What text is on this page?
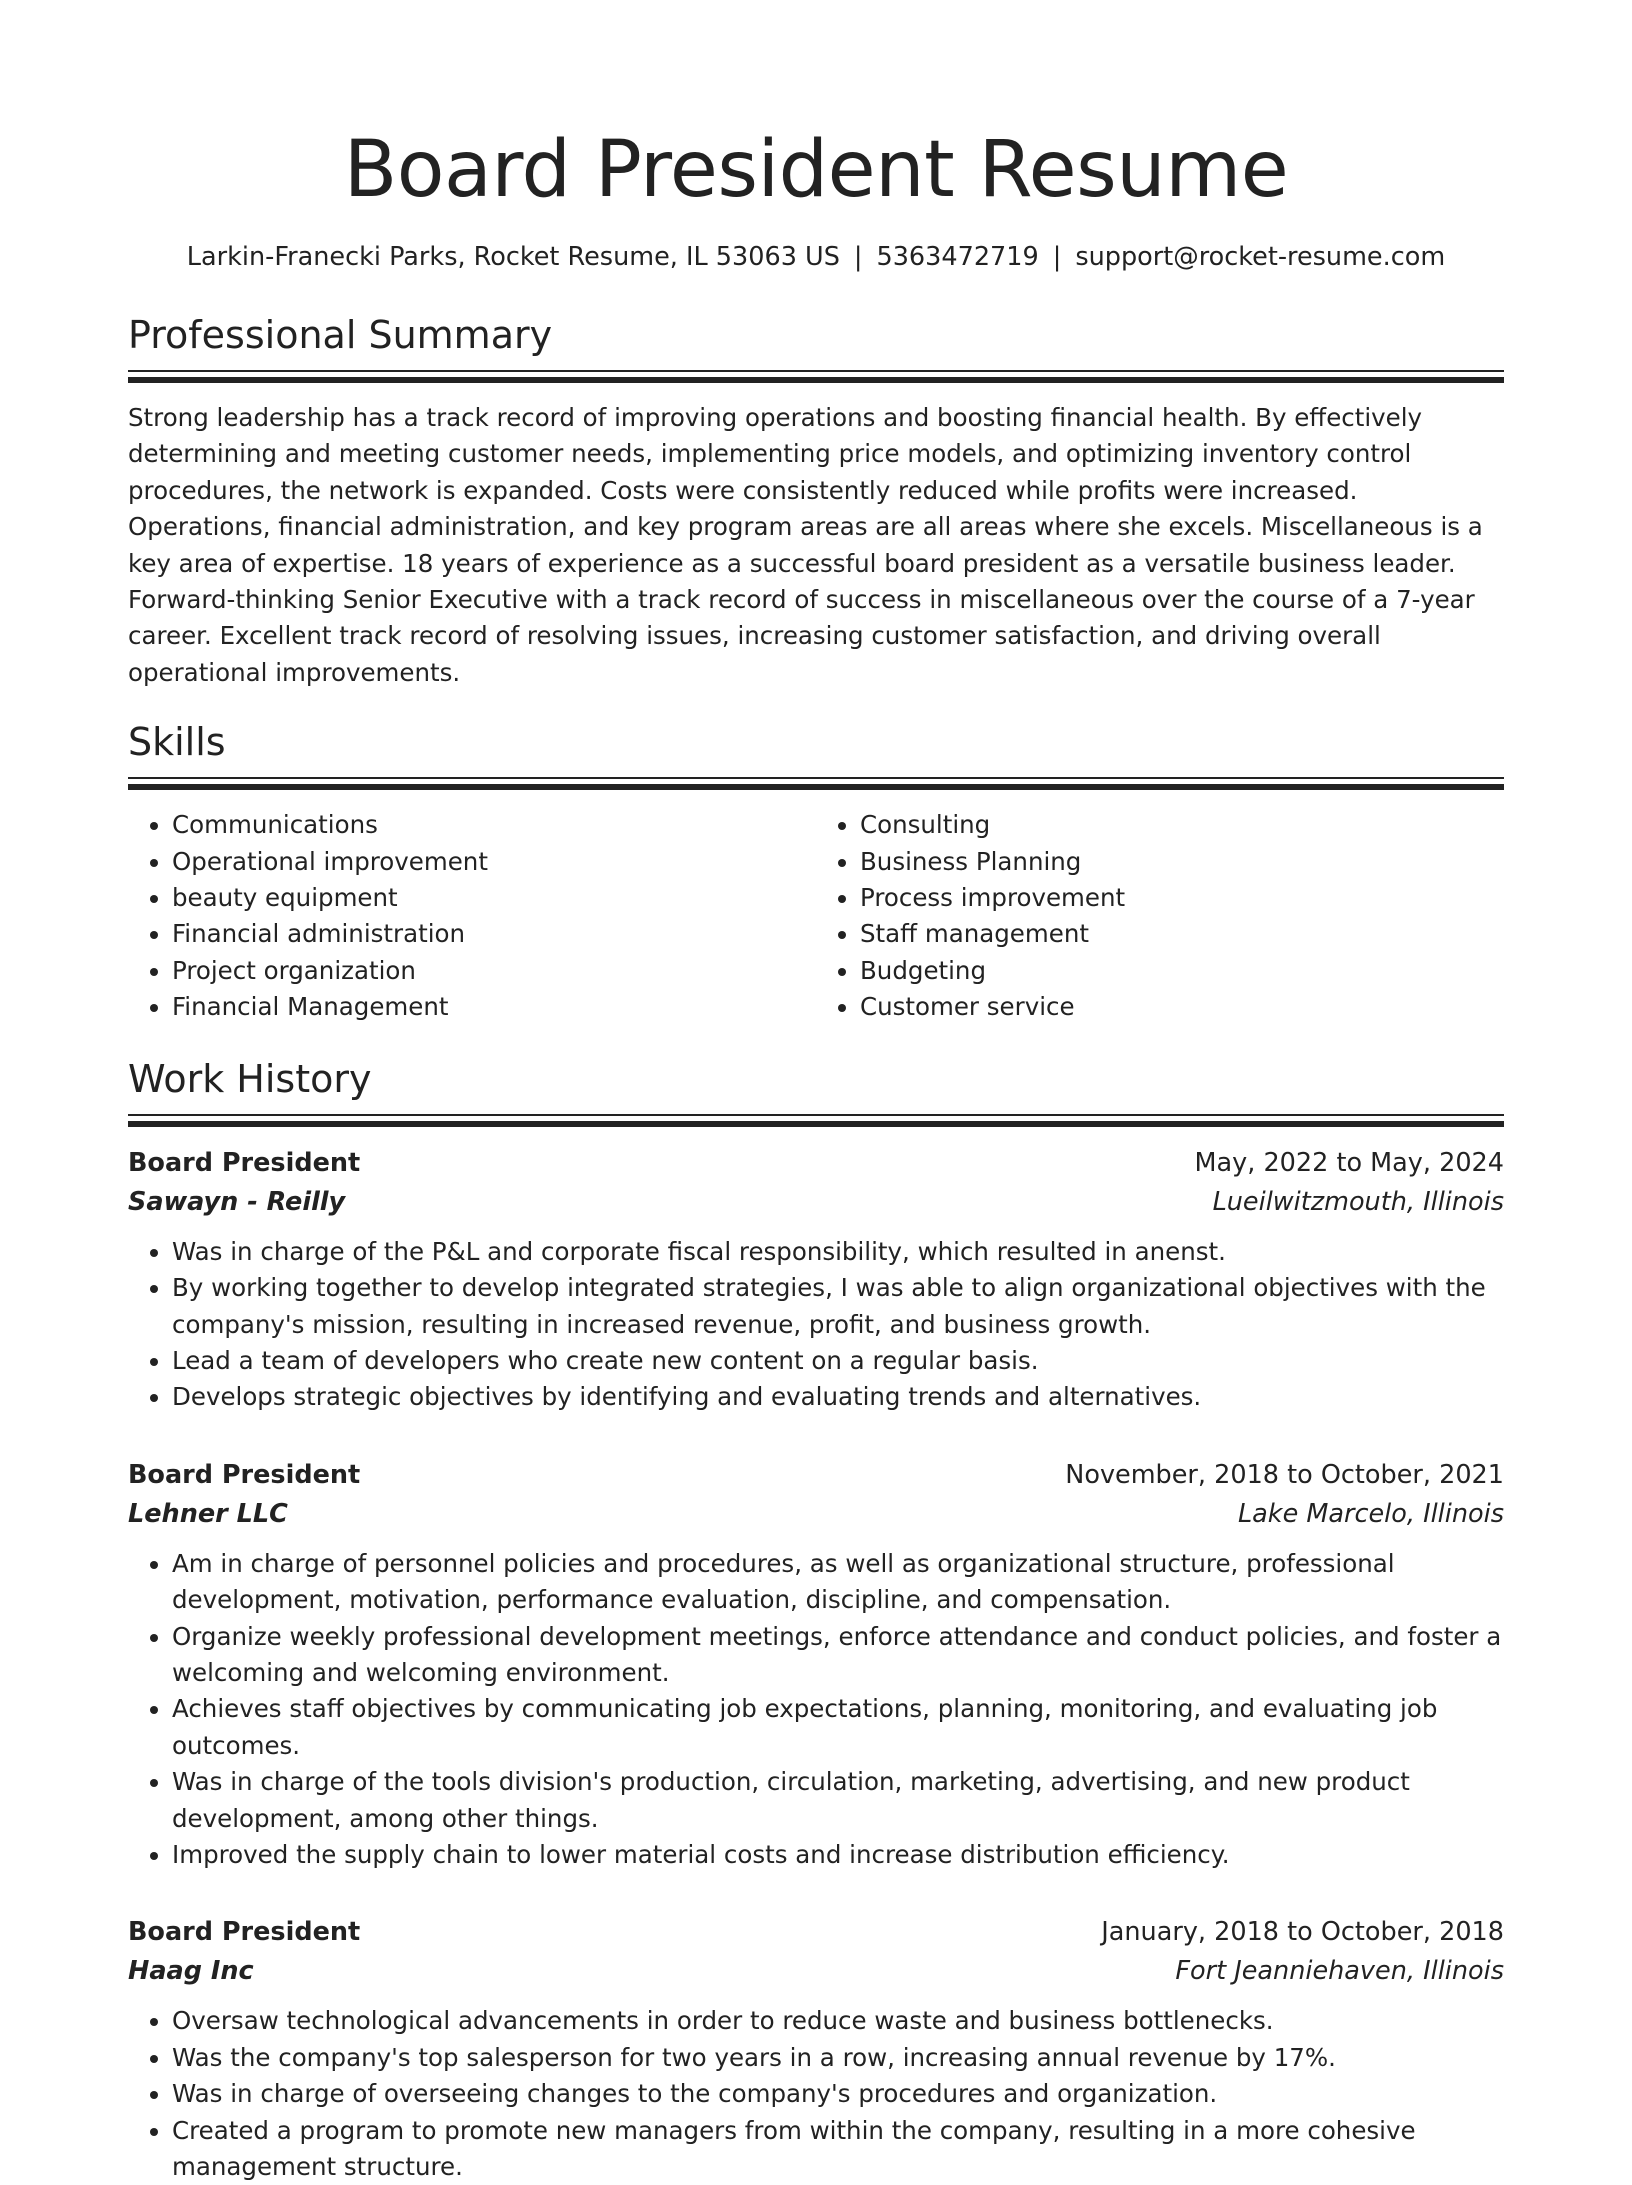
Board President Resume
Larkin-Franecki Parks, Rocket Resume, IL 53063 US | 5363472719 | support@rocket-resume.com
Professional Summary

Strong leadership has a track record of improving operations and boosting financial health. By effectively determining and meeting customer needs, implementing price models, and optimizing inventory control procedures, the network is expanded. Costs were consistently reduced while profits were increased. Operations, financial administration, and key program areas are all areas where she excels. Miscellaneous is a key area of expertise. 18 years of experience as a successful board president as a versatile business leader. Forward-thinking Senior Executive with a track record of success in miscellaneous over the course of a 7-year career. Excellent track record of resolving issues, increasing customer satisfaction, and driving overall operational improvements.

Skills
• Communications
• Operational improvement
• beauty equipment
• Financial administration
• Project organization
• Financial Management
• Consulting
• Business Planning
• Process improvement
• Staff management
• Budgeting
• Customer service
Work History
Board President	May, 2022 to May, 2024
Sawayn - Reilly	Lueilwitzmouth, Illinois
• Was in charge of the P&L and corporate fiscal responsibility, which resulted in anenst.
• By working together to develop integrated strategies, I was able to align organizational objectives with the company's mission, resulting in increased revenue, profit, and business growth.
• Lead a team of developers who create new content on a regular basis.
• Develops strategic objectives by identifying and evaluating trends and alternatives.
Board President	November, 2018 to October, 2021
Lehner LLC	Lake Marcelo, Illinois
• Am in charge of personnel policies and procedures, as well as organizational structure, professional development, motivation, performance evaluation, discipline, and compensation.
• Organize weekly professional development meetings, enforce attendance and conduct policies, and foster a welcoming and welcoming environment.
• Achieves staff objectives by communicating job expectations, planning, monitoring, and evaluating job outcomes.
• Was in charge of the tools division's production, circulation, marketing, advertising, and new product development, among other things.
• Improved the supply chain to lower material costs and increase distribution efficiency.
Board President	January, 2018 to October, 2018
Haag Inc	Fort Jeanniehaven, Illinois
• Oversaw technological advancements in order to reduce waste and business bottlenecks.
• Was the company's top salesperson for two years in a row, increasing annual revenue by 17%.
• Was in charge of overseeing changes to the company's procedures and organization.
• Created a program to promote new managers from within the company, resulting in a more cohesive management structure.
